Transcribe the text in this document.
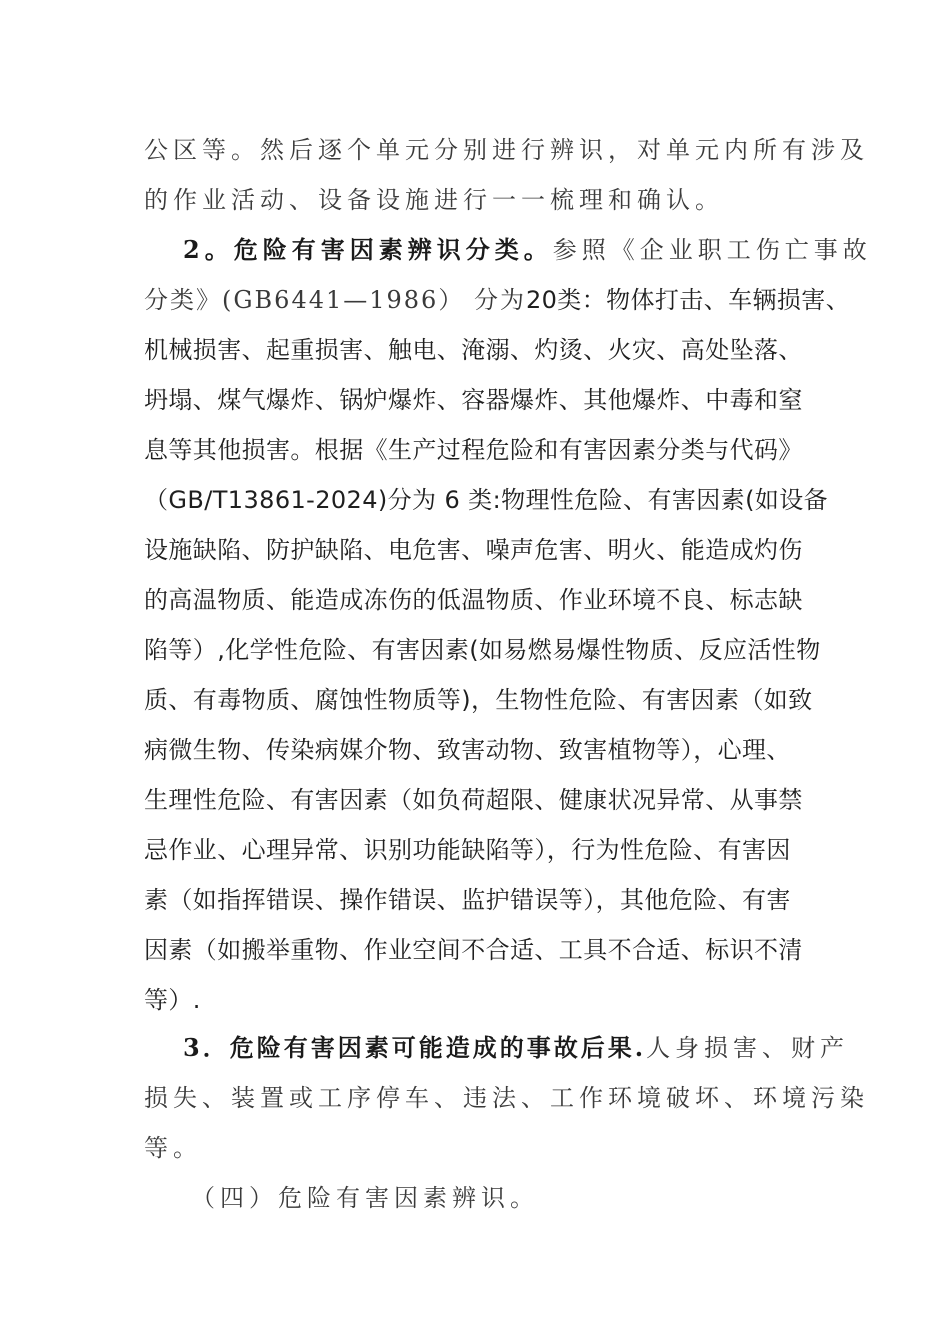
公区等。然后逐个单元分别进行辨识，对单元内所有涉及
的作业活动、设备设施进行一一梳理和确认。
2。危险有害因素辨识分类。参照《企业职工伤亡事故
分类》(GB6441—1986） 分为20类：物体打击、车辆损害、
机械损害、起重损害、触电、淹溺、灼烫、火灾、高处坠落、
坍塌、煤气爆炸、锅炉爆炸、容器爆炸、其他爆炸、中毒和窒
息等其他损害。根据《生产过程危险和有害因素分类与代码》
（GB/T13861-2024)分为 6 类:物理性危险、有害因素(如设备
设施缺陷、防护缺陷、电危害、噪声危害、明火、能造成灼伤
的高温物质、能造成冻伤的低温物质、作业环境不良、标志缺
陷等）,化学性危险、有害因素(如易燃易爆性物质、反应活性物
质、有毒物质、腐蚀性物质等)，生物性危险、有害因素（如致
病微生物、传染病媒介物、致害动物、致害植物等），心理、
生理性危险、有害因素（如负荷超限、健康状况异常、从事禁
忌作业、心理异常、识别功能缺陷等），行为性危险、有害因
素（如指挥错误、操作错误、监护错误等），其他危险、有害
因素（如搬举重物、作业空间不合适、工具不合适、标识不清
等）.
3．危险有害因素可能造成的事故后果.人身损害、财产
损失、装置或工序停车、违法、工作环境破坏、环境污染
等。
（四）危险有害因素辨识。
